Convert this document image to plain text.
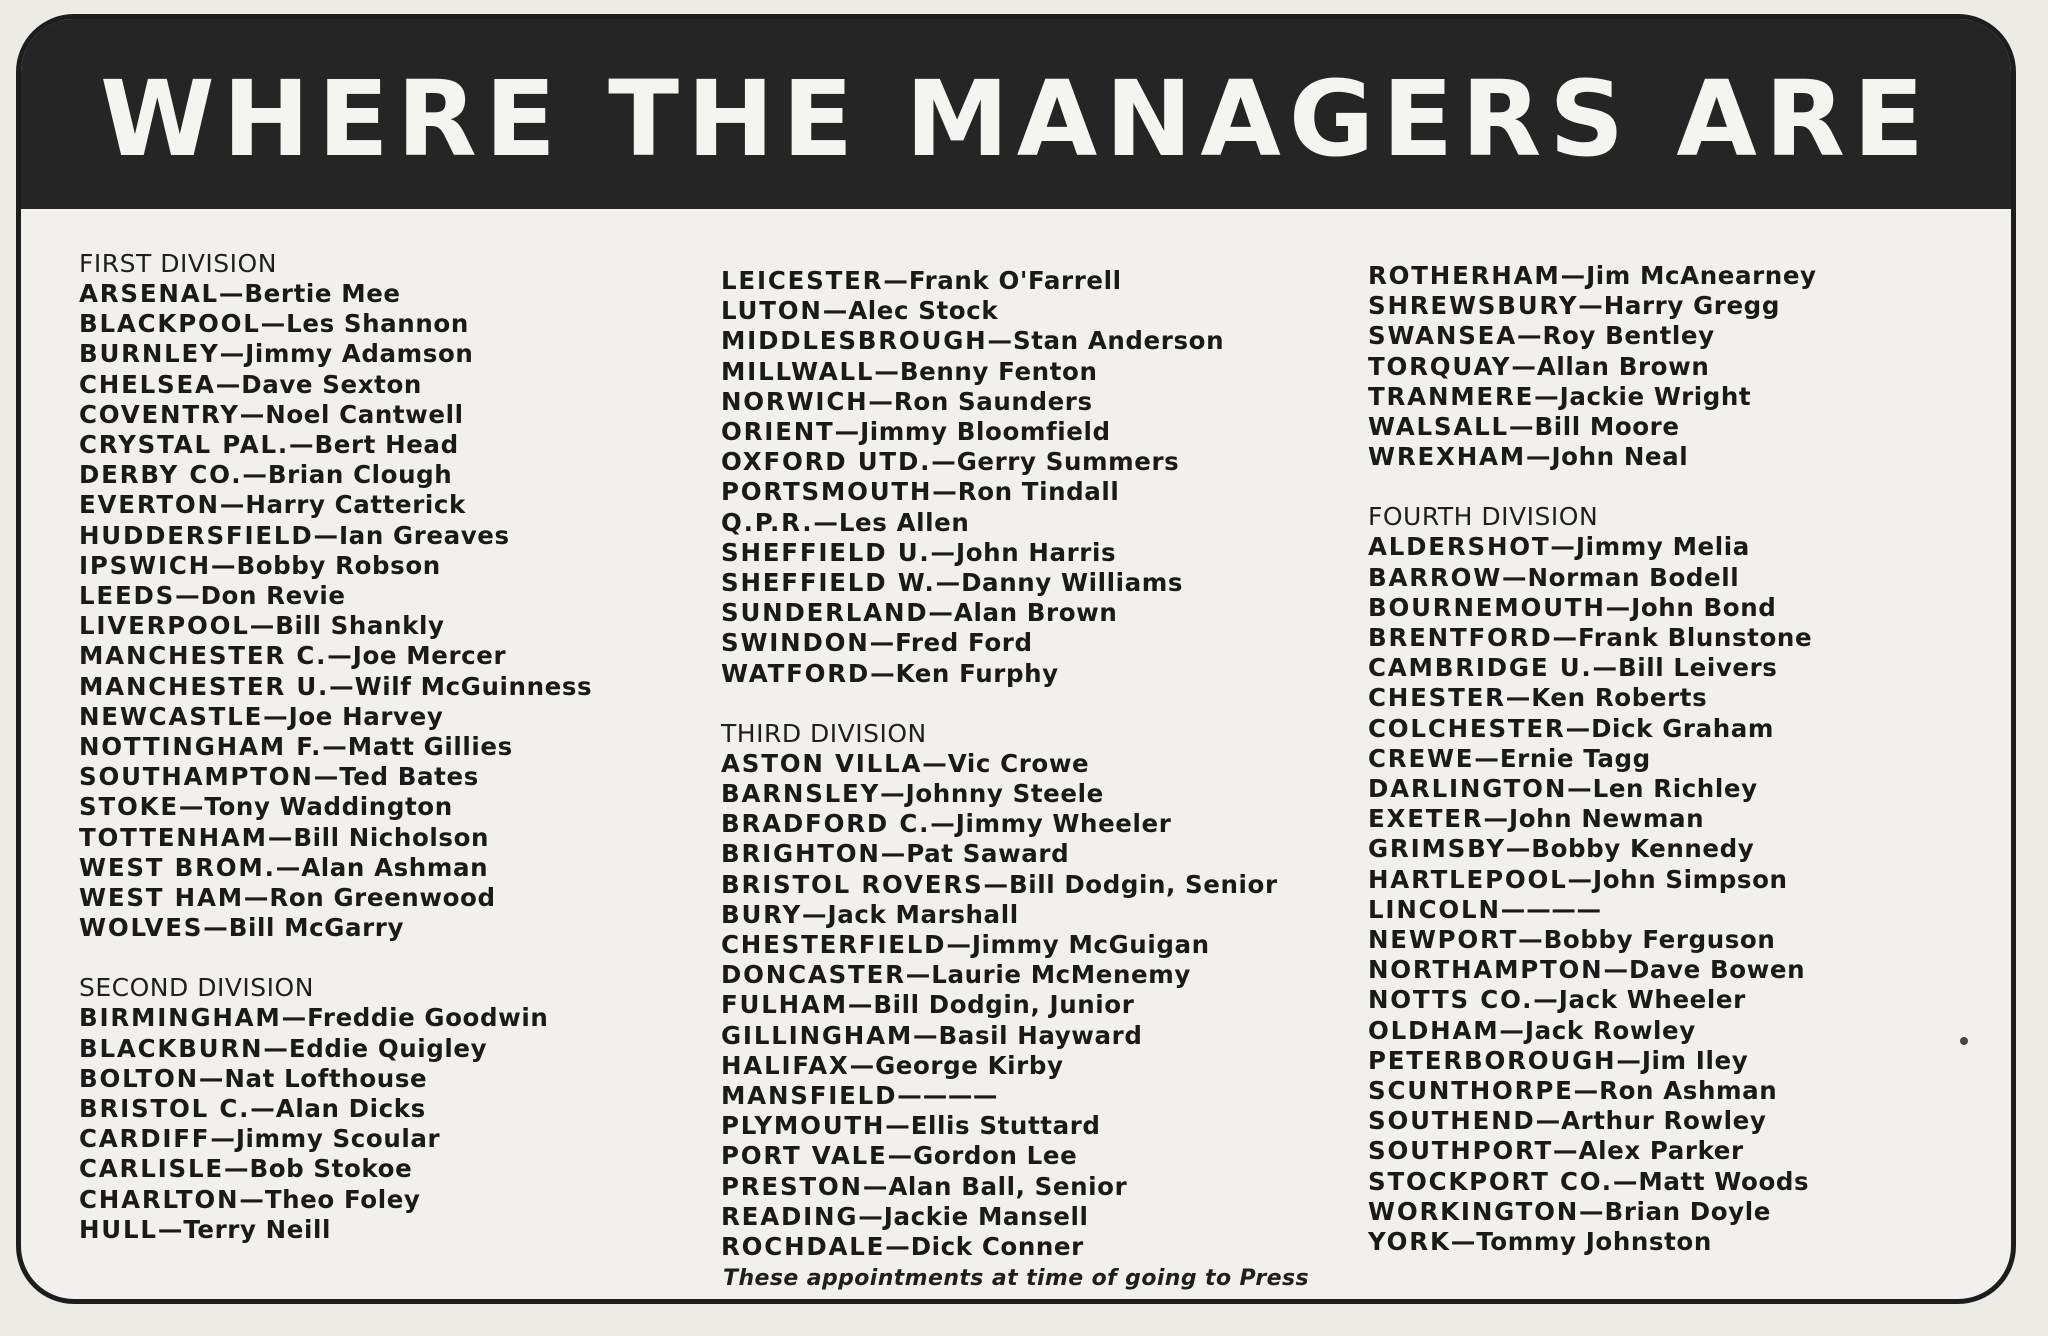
WHERE THE MANAGERS ARE
FIRST DIVISION
ARSENAL—Bertie Mee
BLACKPOOL—Les Shannon
BURNLEY—Jimmy Adamson
CHELSEA—Dave Sexton
COVENTRY—Noel Cantwell
CRYSTAL PAL.—Bert Head
DERBY CO.—Brian Clough
EVERTON—Harry Catterick
HUDDERSFIELD—Ian Greaves
IPSWICH—Bobby Robson
LEEDS—Don Revie
LIVERPOOL—Bill Shankly
MANCHESTER C.—Joe Mercer
MANCHESTER U.—Wilf McGuinness
NEWCASTLE—Joe Harvey
NOTTINGHAM F.—Matt Gillies
SOUTHAMPTON—Ted Bates
STOKE—Tony Waddington
TOTTENHAM—Bill Nicholson
WEST BROM.—Alan Ashman
WEST HAM—Ron Greenwood
WOLVES—Bill McGarry
SECOND DIVISION
BIRMINGHAM—Freddie Goodwin
BLACKBURN—Eddie Quigley
BOLTON—Nat Lofthouse
BRISTOL C.—Alan Dicks
CARDIFF—Jimmy Scoular
CARLISLE—Bob Stokoe
CHARLTON—Theo Foley
HULL—Terry Neill
LEICESTER—Frank O'Farrell
LUTON—Alec Stock
MIDDLESBROUGH—Stan Anderson
MILLWALL—Benny Fenton
NORWICH—Ron Saunders
ORIENT—Jimmy Bloomfield
OXFORD UTD.—Gerry Summers
PORTSMOUTH—Ron Tindall
Q.P.R.—Les Allen
SHEFFIELD U.—John Harris
SHEFFIELD W.—Danny Williams
SUNDERLAND—Alan Brown
SWINDON—Fred Ford
WATFORD—Ken Furphy
THIRD DIVISION
ASTON VILLA—Vic Crowe
BARNSLEY—Johnny Steele
BRADFORD C.—Jimmy Wheeler
BRIGHTON—Pat Saward
BRISTOL ROVERS—Bill Dodgin, Senior
BURY—Jack Marshall
CHESTERFIELD—Jimmy McGuigan
DONCASTER—Laurie McMenemy
FULHAM—Bill Dodgin, Junior
GILLINGHAM—Basil Hayward
HALIFAX—George Kirby
MANSFIELD————
PLYMOUTH—Ellis Stuttard
PORT VALE—Gordon Lee
PRESTON—Alan Ball, Senior
READING—Jackie Mansell
ROCHDALE—Dick Conner
ROTHERHAM—Jim McAnearney
SHREWSBURY—Harry Gregg
SWANSEA—Roy Bentley
TORQUAY—Allan Brown
TRANMERE—Jackie Wright
WALSALL—Bill Moore
WREXHAM—John Neal
FOURTH DIVISION
ALDERSHOT—Jimmy Melia
BARROW—Norman Bodell
BOURNEMOUTH—John Bond
BRENTFORD—Frank Blunstone
CAMBRIDGE U.—Bill Leivers
CHESTER—Ken Roberts
COLCHESTER—Dick Graham
CREWE—Ernie Tagg
DARLINGTON—Len Richley
EXETER—John Newman
GRIMSBY—Bobby Kennedy
HARTLEPOOL—John Simpson
LINCOLN————
NEWPORT—Bobby Ferguson
NORTHAMPTON—Dave Bowen
NOTTS CO.—Jack Wheeler
OLDHAM—Jack Rowley
PETERBOROUGH—Jim Iley
SCUNTHORPE—Ron Ashman
SOUTHEND—Arthur Rowley
SOUTHPORT—Alex Parker
STOCKPORT CO.—Matt Woods
WORKINGTON—Brian Doyle
YORK—Tommy Johnston
These appointments at time of going to Press
